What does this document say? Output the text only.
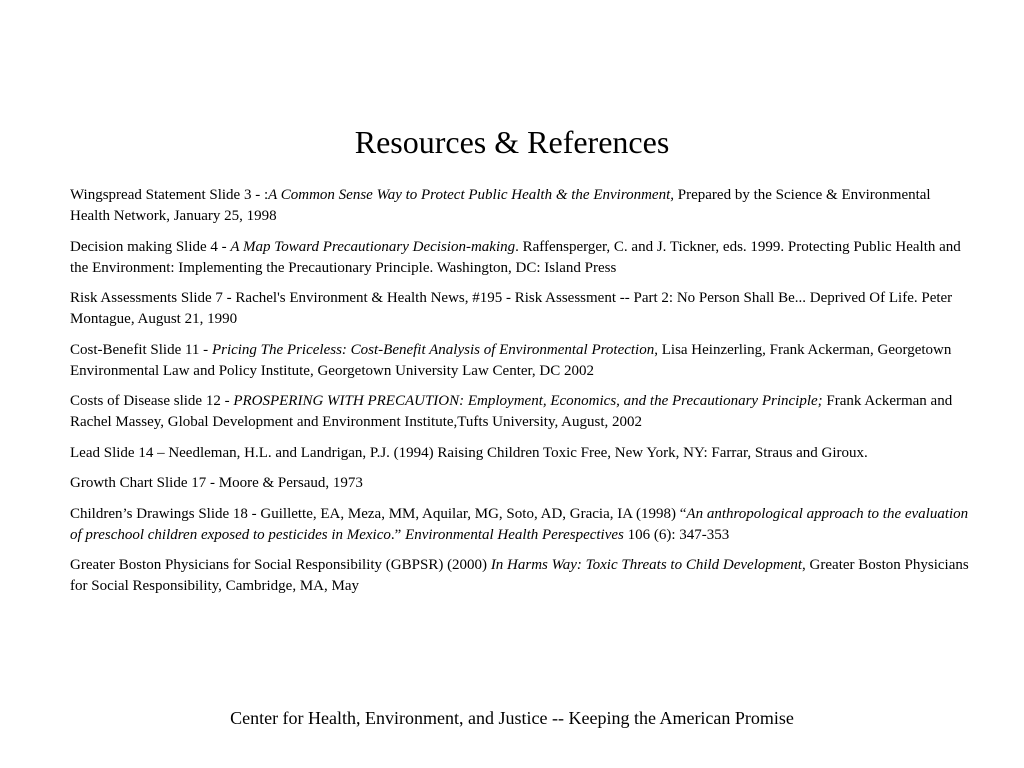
Resources & References
Wingspread Statement Slide 3 - :A Common Sense Way to Protect Public Health & the Environment, Prepared by the Science & Environmental Health Network, January 25, 1998
Decision making Slide 4 - A Map Toward Precautionary Decision-making. Raffensperger, C. and J. Tickner, eds. 1999. Protecting Public Health and the Environment: Implementing the Precautionary Principle. Washington, DC: Island Press
Risk Assessments Slide 7 - Rachel's Environment & Health News, #195 - Risk Assessment -- Part 2: No Person Shall Be... Deprived Of Life. Peter Montague, August 21, 1990
Cost-Benefit Slide 11 - Pricing The Priceless: Cost-Benefit Analysis of Environmental Protection, Lisa Heinzerling, Frank Ackerman, Georgetown Environmental Law and Policy Institute, Georgetown University Law Center, DC 2002
Costs of Disease slide 12 - PROSPERING WITH PRECAUTION: Employment, Economics, and the Precautionary Principle; Frank Ackerman and Rachel Massey, Global Development and Environment Institute,Tufts University, August, 2002
Lead Slide 14 – Needleman, H.L. and Landrigan, P.J. (1994) Raising Children Toxic Free, New York, NY: Farrar, Straus and Giroux.
Growth Chart Slide 17 - Moore & Persaud, 1973
Children’s Drawings Slide 18 - Guillette, EA, Meza, MM, Aquilar, MG, Soto, AD, Gracia, IA (1998) “An anthropological approach to the evaluation of preschool children exposed to pesticides in Mexico.” Environmental Health Perespectives 106 (6): 347-353
Greater Boston Physicians for Social Responsibility (GBPSR) (2000) In Harms Way: Toxic Threats to Child Development, Greater Boston Physicians for Social Responsibility, Cambridge, MA, May
Center for Health, Environment, and Justice -- Keeping the American Promise
